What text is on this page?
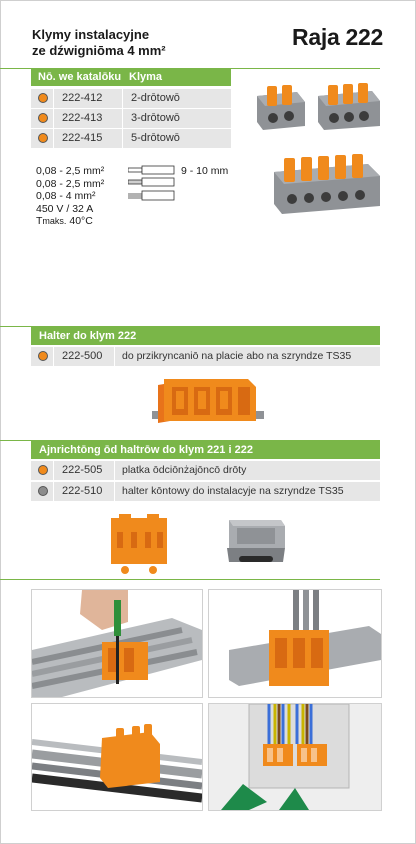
Klymy instalacyjne
ze dźwigniōma 4 mm²
Raja 222
Nō. we katalōku Klyma
222-412	2-drōtowō
222-413	3-drōtowō
222-415	5-drōtowō
0,08 - 2,5 mm²
0,08 - 2,5 mm²
0,08 - 4 mm²
450 V / 32 A
Tmaks. 40°C
9 - 10 mm
Halter do klym 222
222-500 do przikryncaniō na placie abo na szryndze TS35
Ajnrichtōng ōd haltrōw do klym 221 i 222
222-505 platka ōdciōnżajōncō drōty
222-510 halter kōntowy do instalacyje na szryndze TS35
